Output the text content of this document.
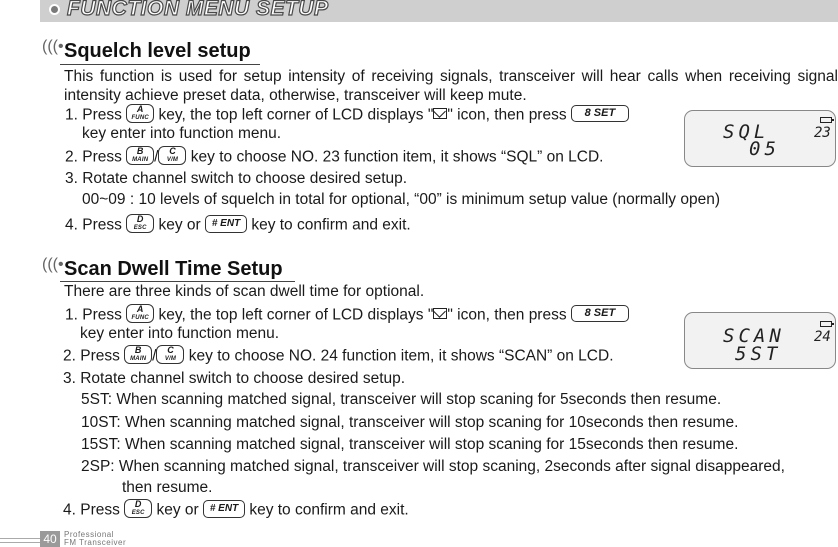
FUNCTION MENU SETUP
(((• Squelch level setup
This function is used for setup intensity of receiving signals, transceiver will hear calls when receiving signal intensity achieve preset data, otherwise, transceiver will keep mute.
1. Press	A
FUNC key, the top left corner of LCD displays " " icon, then press 8 SET
key enter into function menu.
2. Press	B
MAIN /	C
V/M key to choose NO. 23 function item, it shows “SQL” on LCD.
3. Rotate channel switch to choose desired setup.
00~09 : 10 levels of squelch in total for optional, “00” is minimum setup value (normally open)
4. Press	D
ESC key or # ENT key to confirm and exit.
SQL	23
05
(((• Scan Dwell Time Setup
There are three kinds of scan dwell time for optional.
1. Press	A
FUNC key, the top left corner of LCD displays " " icon, then press 8 SET
key enter into function menu.
2. Press	B
MAIN /	C
V/M key to choose NO. 24 function item, it shows “SCAN” on LCD.
3. Rotate channel switch to choose desired setup.
5ST: When scanning matched signal, transceiver will stop scaning for 5seconds then resume.
10ST: When scanning matched signal, transceiver will stop scaning for 10seconds then resume.
15ST: When scanning matched signal, transceiver will stop scaning for 15seconds then resume.
2SP: When scanning matched signal, transceiver will stop scaning, 2seconds after signal disappeared,
then resume.
4. Press	D
ESC key or # ENT key to confirm and exit.
SCAN 24
5ST
40 Professional
FM Transceiver
